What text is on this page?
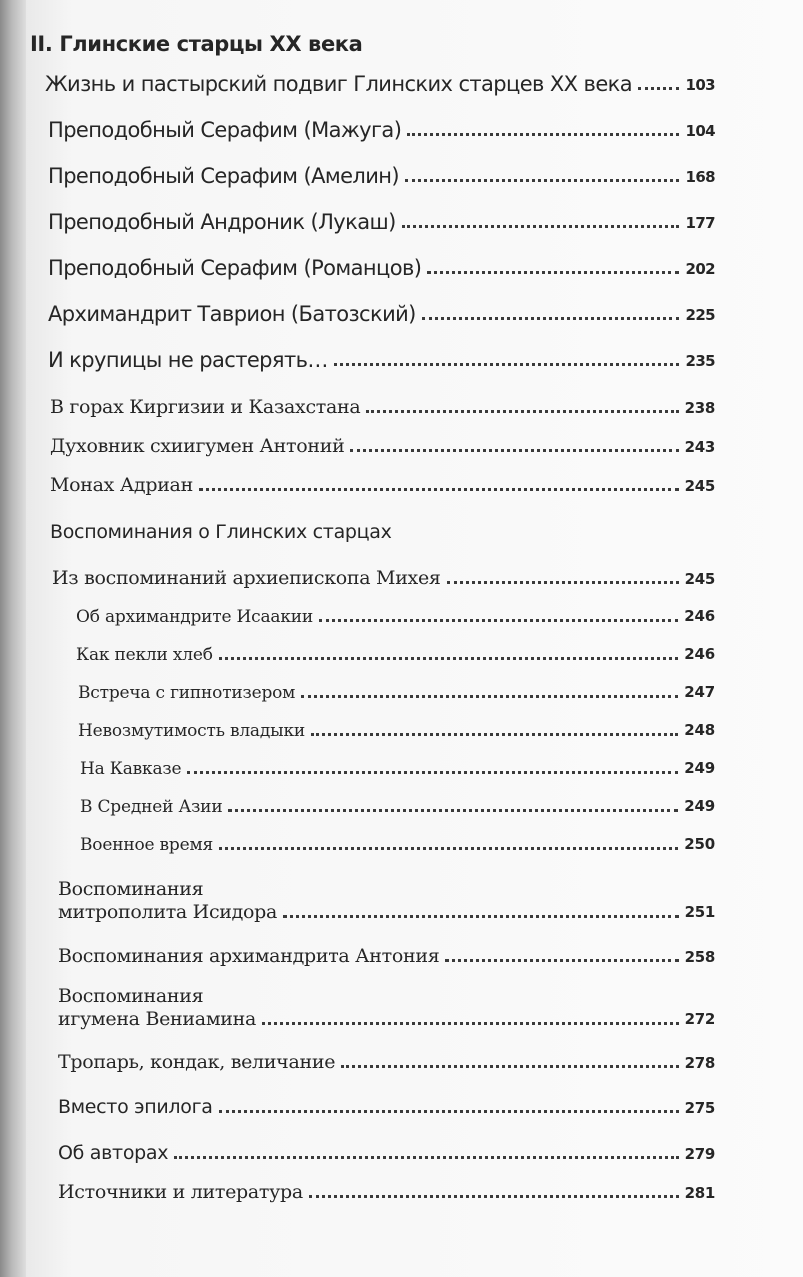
II. Глинские старцы XX века
Жизнь и пастырский подвиг Глинских старцев XX века	103
Преподобный Серафим (Мажуга)	104
Преподобный Серафим (Амелин)	168
Преподобный Андроник (Лукаш)	177
Преподобный Серафим (Романцов)	202
Архимандрит Таврион (Батозский)	225
И крупицы не растерять…	235
В горах Киргизии и Казахстана	238
Духовник схиигумен Антоний	243
Монах Адриан	245
Воспоминания о Глинских старцах
Из воспоминаний архиепископа Михея	245
Об архимандрите Исаакии	246
Как пекли хлеб	246
Встреча с гипнотизером	247
Невозмутимость владыки	248
На Кавказе	249
В Средней Азии	249
Военное время	250
Воспоминания
митрополита Исидора	251
Воспоминания архимандрита Антония	258
Воспоминания
игумена Вениамина	272
Тропарь, кондак, величание	278
Вместо эпилога	275
Об авторах	279
Источники и литература	281
